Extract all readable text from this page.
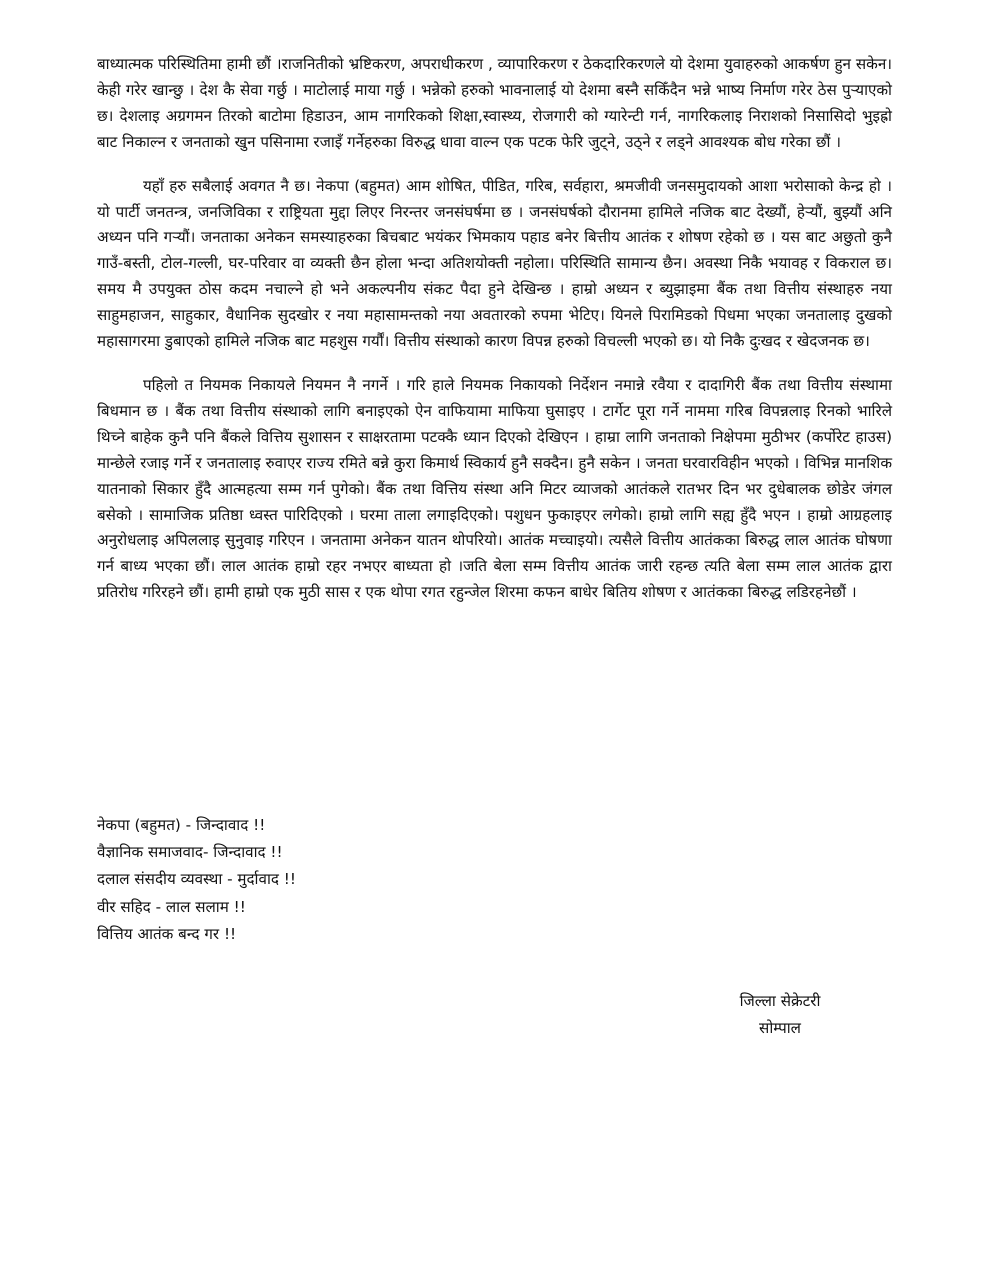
बाध्यात्मक परिस्थितिमा हामी छौं ।राजनितीको भ्रष्टिकरण, अपराधीकरण , व्यापारिकरण र ठेकदारिकरणले यो देशमा युवाहरुको आकर्षण हुन सकेन। केही गरेर खान्छु । देश कै सेवा गर्छु । माटोलाई माया गर्छु । भन्नेको हरुको भावनालाई यो देशमा बस्नै सकिँदैन भन्ने भाष्य निर्माण गरेर ठेस पुर्‍याएको छ। देशलाइ अग्रगमन तिरको बाटोमा हिडाउन, आम नागरिकको शिक्षा,स्वास्थ्य, रोजगारी को ग्यारेन्टी गर्न, नागरिकलाइ निराशको निसासिदो भुइह्रो बाट निकाल्न र जनताको खुन पसिनामा रजाइँ गर्नेहरुका विरुद्ध धावा वाल्न एक पटक फेरि जुट्ने, उठ्ने र लड्ने आवश्यक बोध गरेका छौं ।

यहाँ हरु सबैलाई अवगत नै छ। नेकपा (बहुमत) आम शोषित, पीडित, गरिब, सर्वहारा, श्रमजीवी जनसमुदायको आशा भरोसाको केन्द्र हो । यो पार्टी जनतन्त्र, जनजिविका र राष्ट्रियता मुद्दा लिएर निरन्तर जनसंघर्षमा छ । जनसंघर्षको दौरानमा हामिले नजिक बाट देख्यौं, हेर्‍यौं, बुझ्यौं अनि अध्यन पनि गर्‍यौं। जनताका अनेकन समस्याहरुका बिचबाट भयंकर भिमकाय पहाड बनेर बित्तीय आतंक र शोषण रहेको छ । यस बाट अछुतो कुनै गाउँ-बस्ती, टोल-गल्ली, घर-परिवार वा व्यक्ती छैन होला भन्दा अतिशयोक्ती नहोला। परिस्थिति सामान्य छैन। अवस्था निकै भयावह र विकराल छ। समय मै उपयुक्त ठोस कदम नचाल्ने हो भने अकल्पनीय संकट पैदा हुने देखिन्छ । हाम्रो अध्यन र ब्युझाइमा बैंक तथा वित्तीय संस्थाहरु नया साहुमहाजन, साहुकार, वैधानिक सुदखोर र नया महासामन्तको नया अवतारको रुपमा भेटिए। यिनले पिरामिडको पिधमा भएका जनतालाइ दुखको महासागरमा डुबाएको हामिले नजिक बाट महशुस गर्यौं। वित्तीय संस्थाको कारण विपन्न हरुको विचल्ली भएको छ। यो निकै दुःखद र खेदजनक छ।

पहिलो त नियमक निकायले नियमन नै नगर्ने । गरि हाले नियमक निकायको निर्देशन नमान्ने रवैया र दादागिरी बैंक तथा वित्तीय संस्थामा बिधमान छ । बैंक तथा वित्तीय संस्थाको लागि बनाइएको ऐन वाफियामा माफिया घुसाइए । टार्गेट पूरा गर्ने नाममा गरिब विपन्नलाइ रिनको भारिले थिच्ने बाहेक कुनै पनि बैंकले वित्तिय सुशासन र साक्षरतामा पटक्कै ध्यान दिएको देखिएन । हाम्रा लागि जनताको निक्षेपमा मुठीभर (कर्पोरेट हाउस) मान्छेले रजाइ गर्ने र जनतालाइ रुवाएर राज्य रमिते बन्ने कुरा किमार्थ स्विकार्य हुनै सक्दैन। हुनै सकेन । जनता घरवारविहीन भएको । विभिन्न मानशिक यातनाको सिकार हुँदै आत्महत्या सम्म गर्न पुगेको। बैंक तथा वित्तिय संस्था अनि मिटर व्याजको आतंकले रातभर दिन भर दुधेबालक छोडेर जंगल बसेको । सामाजिक प्रतिष्ठा ध्वस्त पारिदिएको । घरमा ताला लगाइदिएको। पशुधन फुकाइएर लगेको। हाम्रो लागि सह्य हुँदै भएन । हाम्रो आग्रहलाइ अनुरोधलाइ अपिललाइ सुनुवाइ गरिएन । जनतामा अनेकन यातन थोपरियो। आतंक मच्चाइयो। त्यसैले वित्तीय आतंकका बिरुद्ध लाल आतंक घोषणा गर्न बाध्य भएका छौं। लाल आतंक हाम्रो रहर नभएर बाध्यता हो ।जति बेला सम्म वित्तीय आतंक जारी रहन्छ त्यति बेला सम्म लाल आतंक द्वारा प्रतिरोध गरिरहने छौं। हामी हाम्रो एक मुठी सास र एक थोपा रगत रहुन्जेल शिरमा कफन बाधेर बितिय शोषण र आतंकका बिरुद्ध लडिरहनेछौं ।

नेकपा (बहुमत) - जिन्दावाद !!
वैज्ञानिक समाजवाद- जिन्दावाद !!
दलाल संसदीय व्यवस्था - मुर्दावाद !!
वीर सहिद - लाल सलाम !!
वित्तिय आतंक बन्द गर !!
जिल्ला सेक्रेटरी
सोम्पाल
